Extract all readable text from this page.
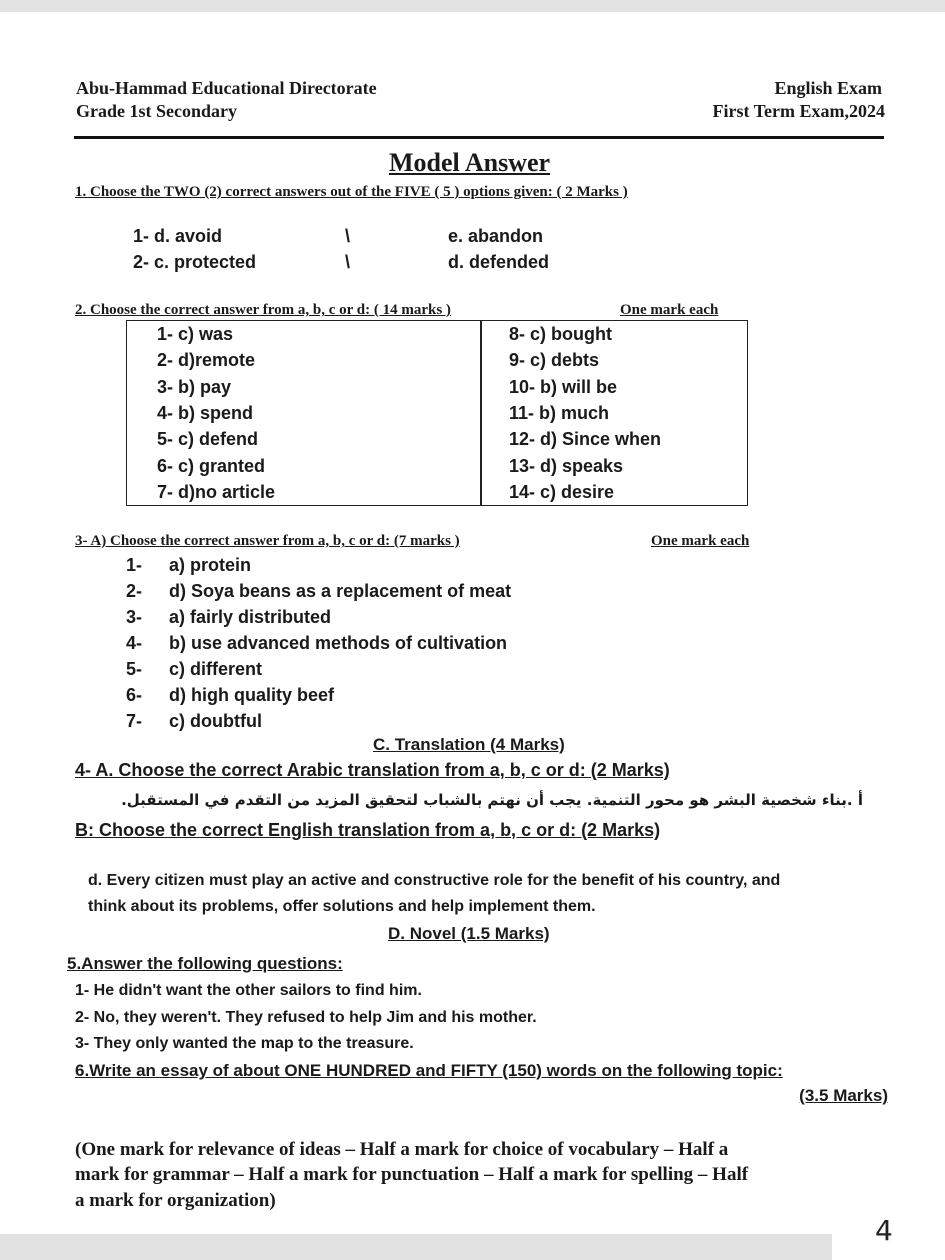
Abu-Hammad Educational Directorate
Grade 1st Secondary
English Exam
First Term Exam,2024
Model Answer
1. Choose the TWO (2) correct answers out of the FIVE ( 5 ) options given: ( 2 Marks )
1- d. avoid	\	e. abandon
2- c. protected	\	d. defended
2. Choose the correct answer from a, b, c or d: ( 14 marks )	One mark each
1- c) was
2- d)remote
3- b) pay
4- b) spend
5- c) defend
6- c) granted
7- d)no article
8- c) bought
9- c) debts
10- b) will be
11- b) much
12- d) Since when
13- d) speaks
14- c) desire
3- A) Choose the correct answer from a, b, c or d: (7 marks )	One mark each
1- a) protein
2- d) Soya beans as a replacement of meat
3- a) fairly distributed
4- b) use advanced methods of cultivation
5- c) different
6- d) high quality beef
7- c) doubtful
C. Translation (4 Marks)
4- A. Choose the correct Arabic translation from a, b, c or d: (2 Marks)
أ .بناء شخصية البشر هو محور التنمية. يجب أن نهتم بالشباب لتحقيق المزيد من التقدم في المستقبل.
B: Choose the correct English translation from a, b, c or d: (2 Marks)
d. Every citizen must play an active and constructive role for the benefit of his country, and
think about its problems, offer solutions and help implement them.
D. Novel (1.5 Marks)
5.Answer the following questions:
1- He didn't want the other sailors to find him.
2- No, they weren't. They refused to help Jim and his mother.
3- They only wanted the map to the treasure.
6.Write an essay of about ONE HUNDRED and FIFTY (150) words on the following topic:
(3.5 Marks)
(One mark for relevance of ideas – Half a mark for choice of vocabulary – Half a
mark for grammar – Half a mark for punctuation – Half a mark for spelling – Half
a mark for organization)
4
